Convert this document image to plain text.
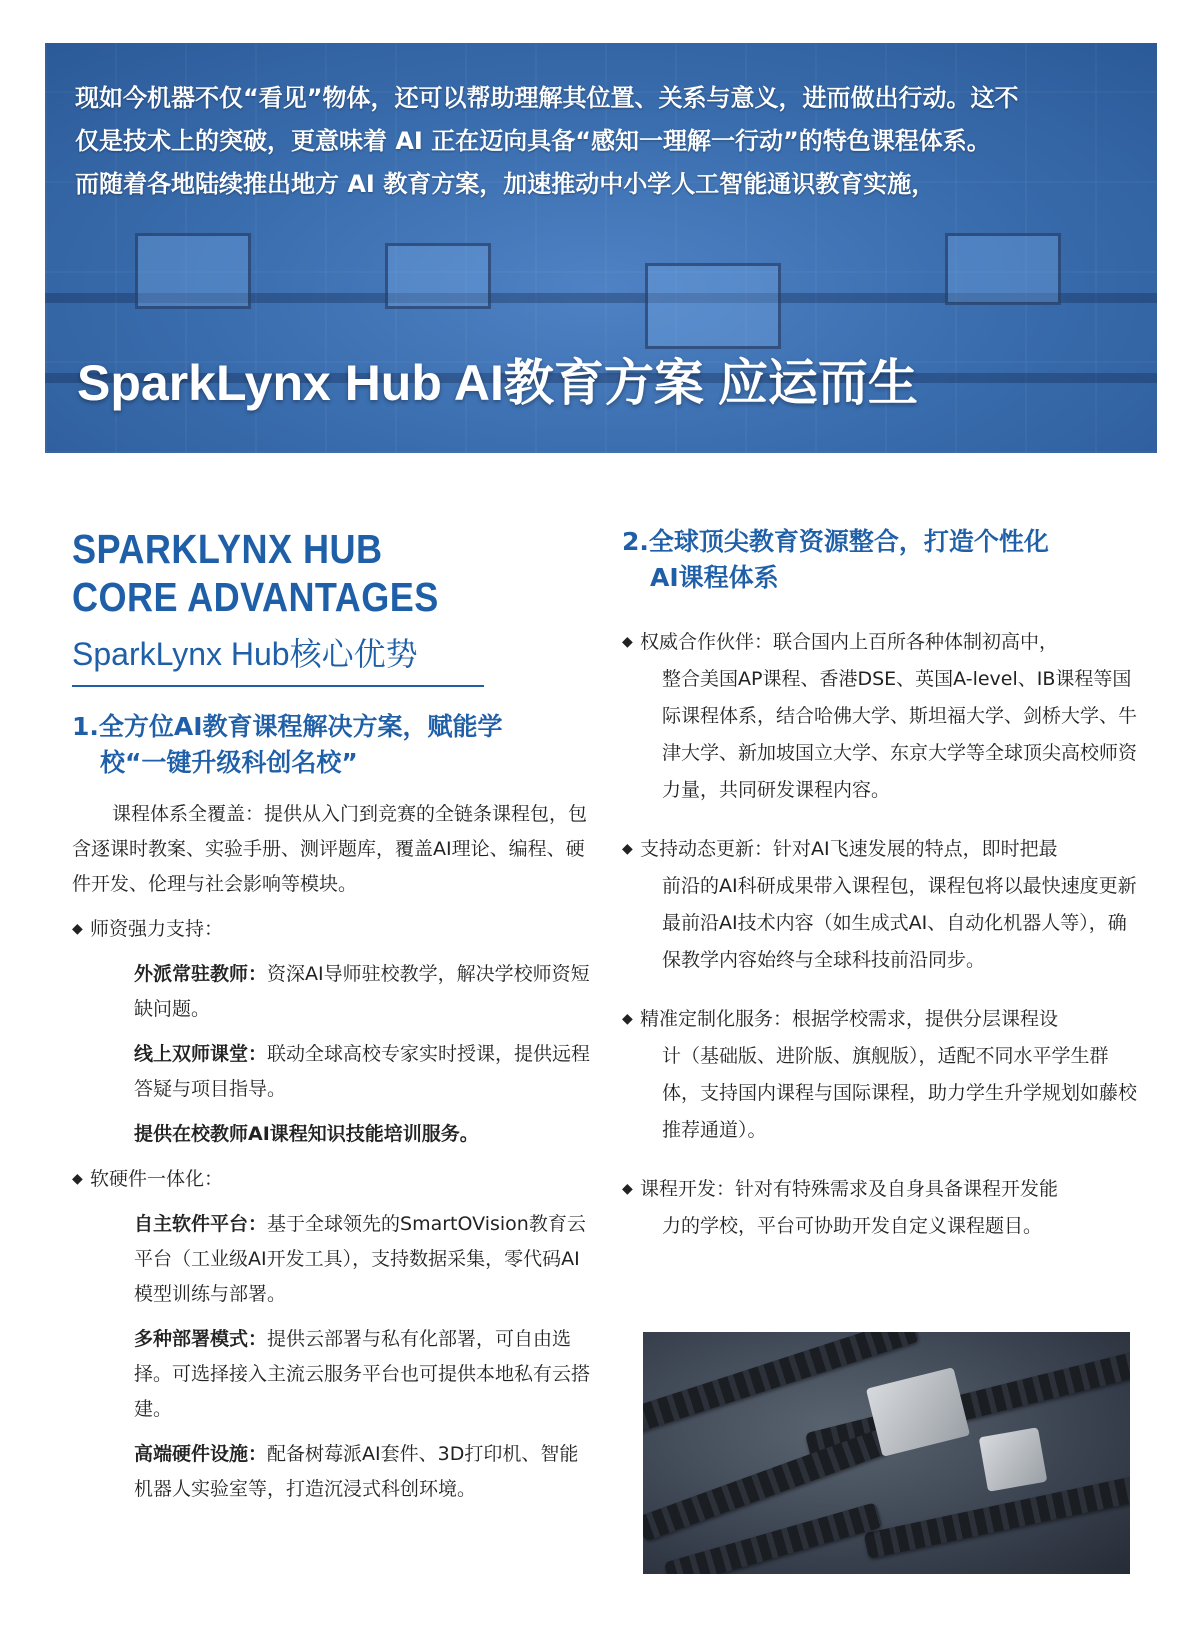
现如今机器不仅“看见”物体，还可以帮助理解其位置、关系与意义，进而做出行动。这不
仅是技术上的突破，更意味着 AI 正在迈向具备“感知一理解一行动”的特色课程体系。
而随着各地陆续推出地方 AI 教育方案，加速推动中小学人工智能通识教育实施，
SparkLynx Hub AI教育方案 应运而生
SPARKLYNX HUB
CORE ADVANTAGES
SparkLynx Hub核心优势
1.全方位AI教育课程解决方案，赋能学
校“一键升级科创名校”
课程体系全覆盖：提供从入门到竞赛的全链条课程包，包含逐课时教案、实验手册、测评题库，覆盖AI理论、编程、硬件开发、伦理与社会影响等模块。
◆ 师资强力支持：
外派常驻教师：资深AI导师驻校教学，解决学校师资短缺问题。
线上双师课堂：联动全球高校专家实时授课，提供远程答疑与项目指导。
提供在校教师AI课程知识技能培训服务。
◆ 软硬件一体化：
自主软件平台：基于全球领先的SmartOVision教育云平台（工业级AI开发工具），支持数据采集，零代码AI模型训练与部署。
多种部署模式：提供云部署与私有化部署，可自由选择。可选择接入主流云服务平台也可提供本地私有云搭建。
高端硬件设施：配备树莓派AI套件、3D打印机、智能机器人实验室等，打造沉浸式科创环境。
2.全球顶尖教育资源整合，打造个性化
AI课程体系
◆ 权威合作伙伴：联合国内上百所各种体制初高中，
整合美国AP课程、香港DSE、英国A-level、IB课程等国际课程体系，结合哈佛大学、斯坦福大学、剑桥大学、牛津大学、新加坡国立大学、东京大学等全球顶尖高校师资力量，共同研发课程内容。
◆ 支持动态更新：针对AI飞速发展的特点，即时把最
前沿的AI科研成果带入课程包，课程包将以最快速度更新最前沿AI技术内容（如生成式AI、自动化机器人等），确保教学内容始终与全球科技前沿同步。
◆ 精准定制化服务：根据学校需求，提供分层课程设
计（基础版、进阶版、旗舰版），适配不同水平学生群体，支持国内课程与国际课程，助力学生升学规划如藤校推荐通道）。
◆ 课程开发：针对有特殊需求及自身具备课程开发能
力的学校，平台可协助开发自定义课程题目。
